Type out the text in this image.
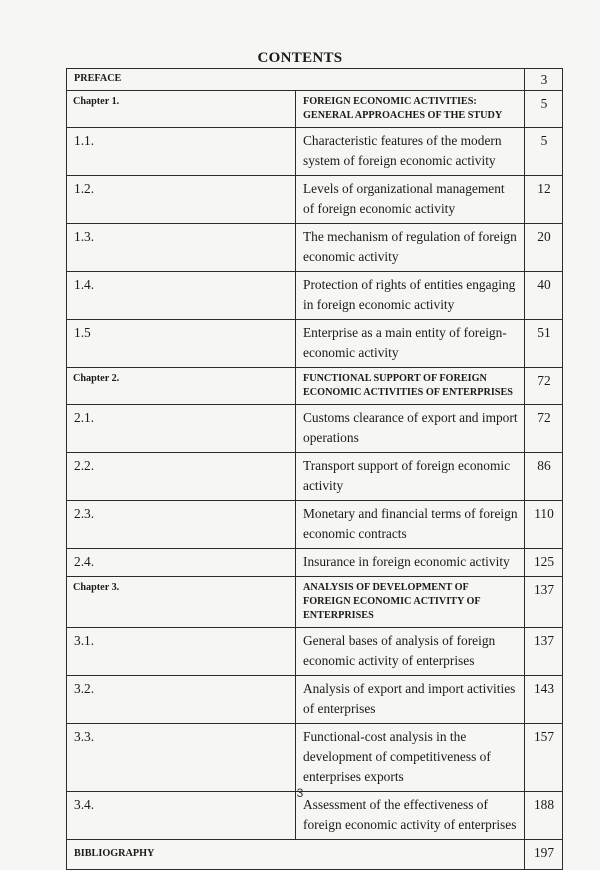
CONTENTS
PREFACE		3
Chapter 1.	FOREIGN ECONOMIC ACTIVITIES: GENERAL APPROACHES OF THE STUDY	5
1.1.	Characteristic features of the modern system of foreign economic activity	5
1.2.	Levels of organizational management of foreign economic activity	12
1.3.	The mechanism of regulation of foreign economic activity	20
1.4.	Protection of rights of entities engaging in foreign economic activity	40
1.5	Enterprise as a main entity of foreign-economic activity	51
Chapter 2.	FUNCTIONAL SUPPORT OF FOREIGN ECONOMIC ACTIVITIES OF ENTERPRISES	72
2.1.	Customs clearance of export and import operations	72
2.2.	Transport support of foreign economic activity	86
2.3.	Monetary and financial terms of foreign economic contracts	110
2.4.	Insurance in foreign economic activity	125
Chapter 3.	ANALYSIS OF DEVELOPMENT OF FOREIGN ECONOMIC ACTIVITY OF ENTERPRISES	137
3.1.	General bases of analysis of foreign economic activity of enterprises	137
3.2.	Analysis of export and import activities of enterprises	143
3.3.	Functional-cost analysis in the development of competitiveness of enterprises exports	157
3.4.	Assessment of the effectiveness of foreign economic activity of enterprises	188
BIBLIOGRAPHY		197
3
